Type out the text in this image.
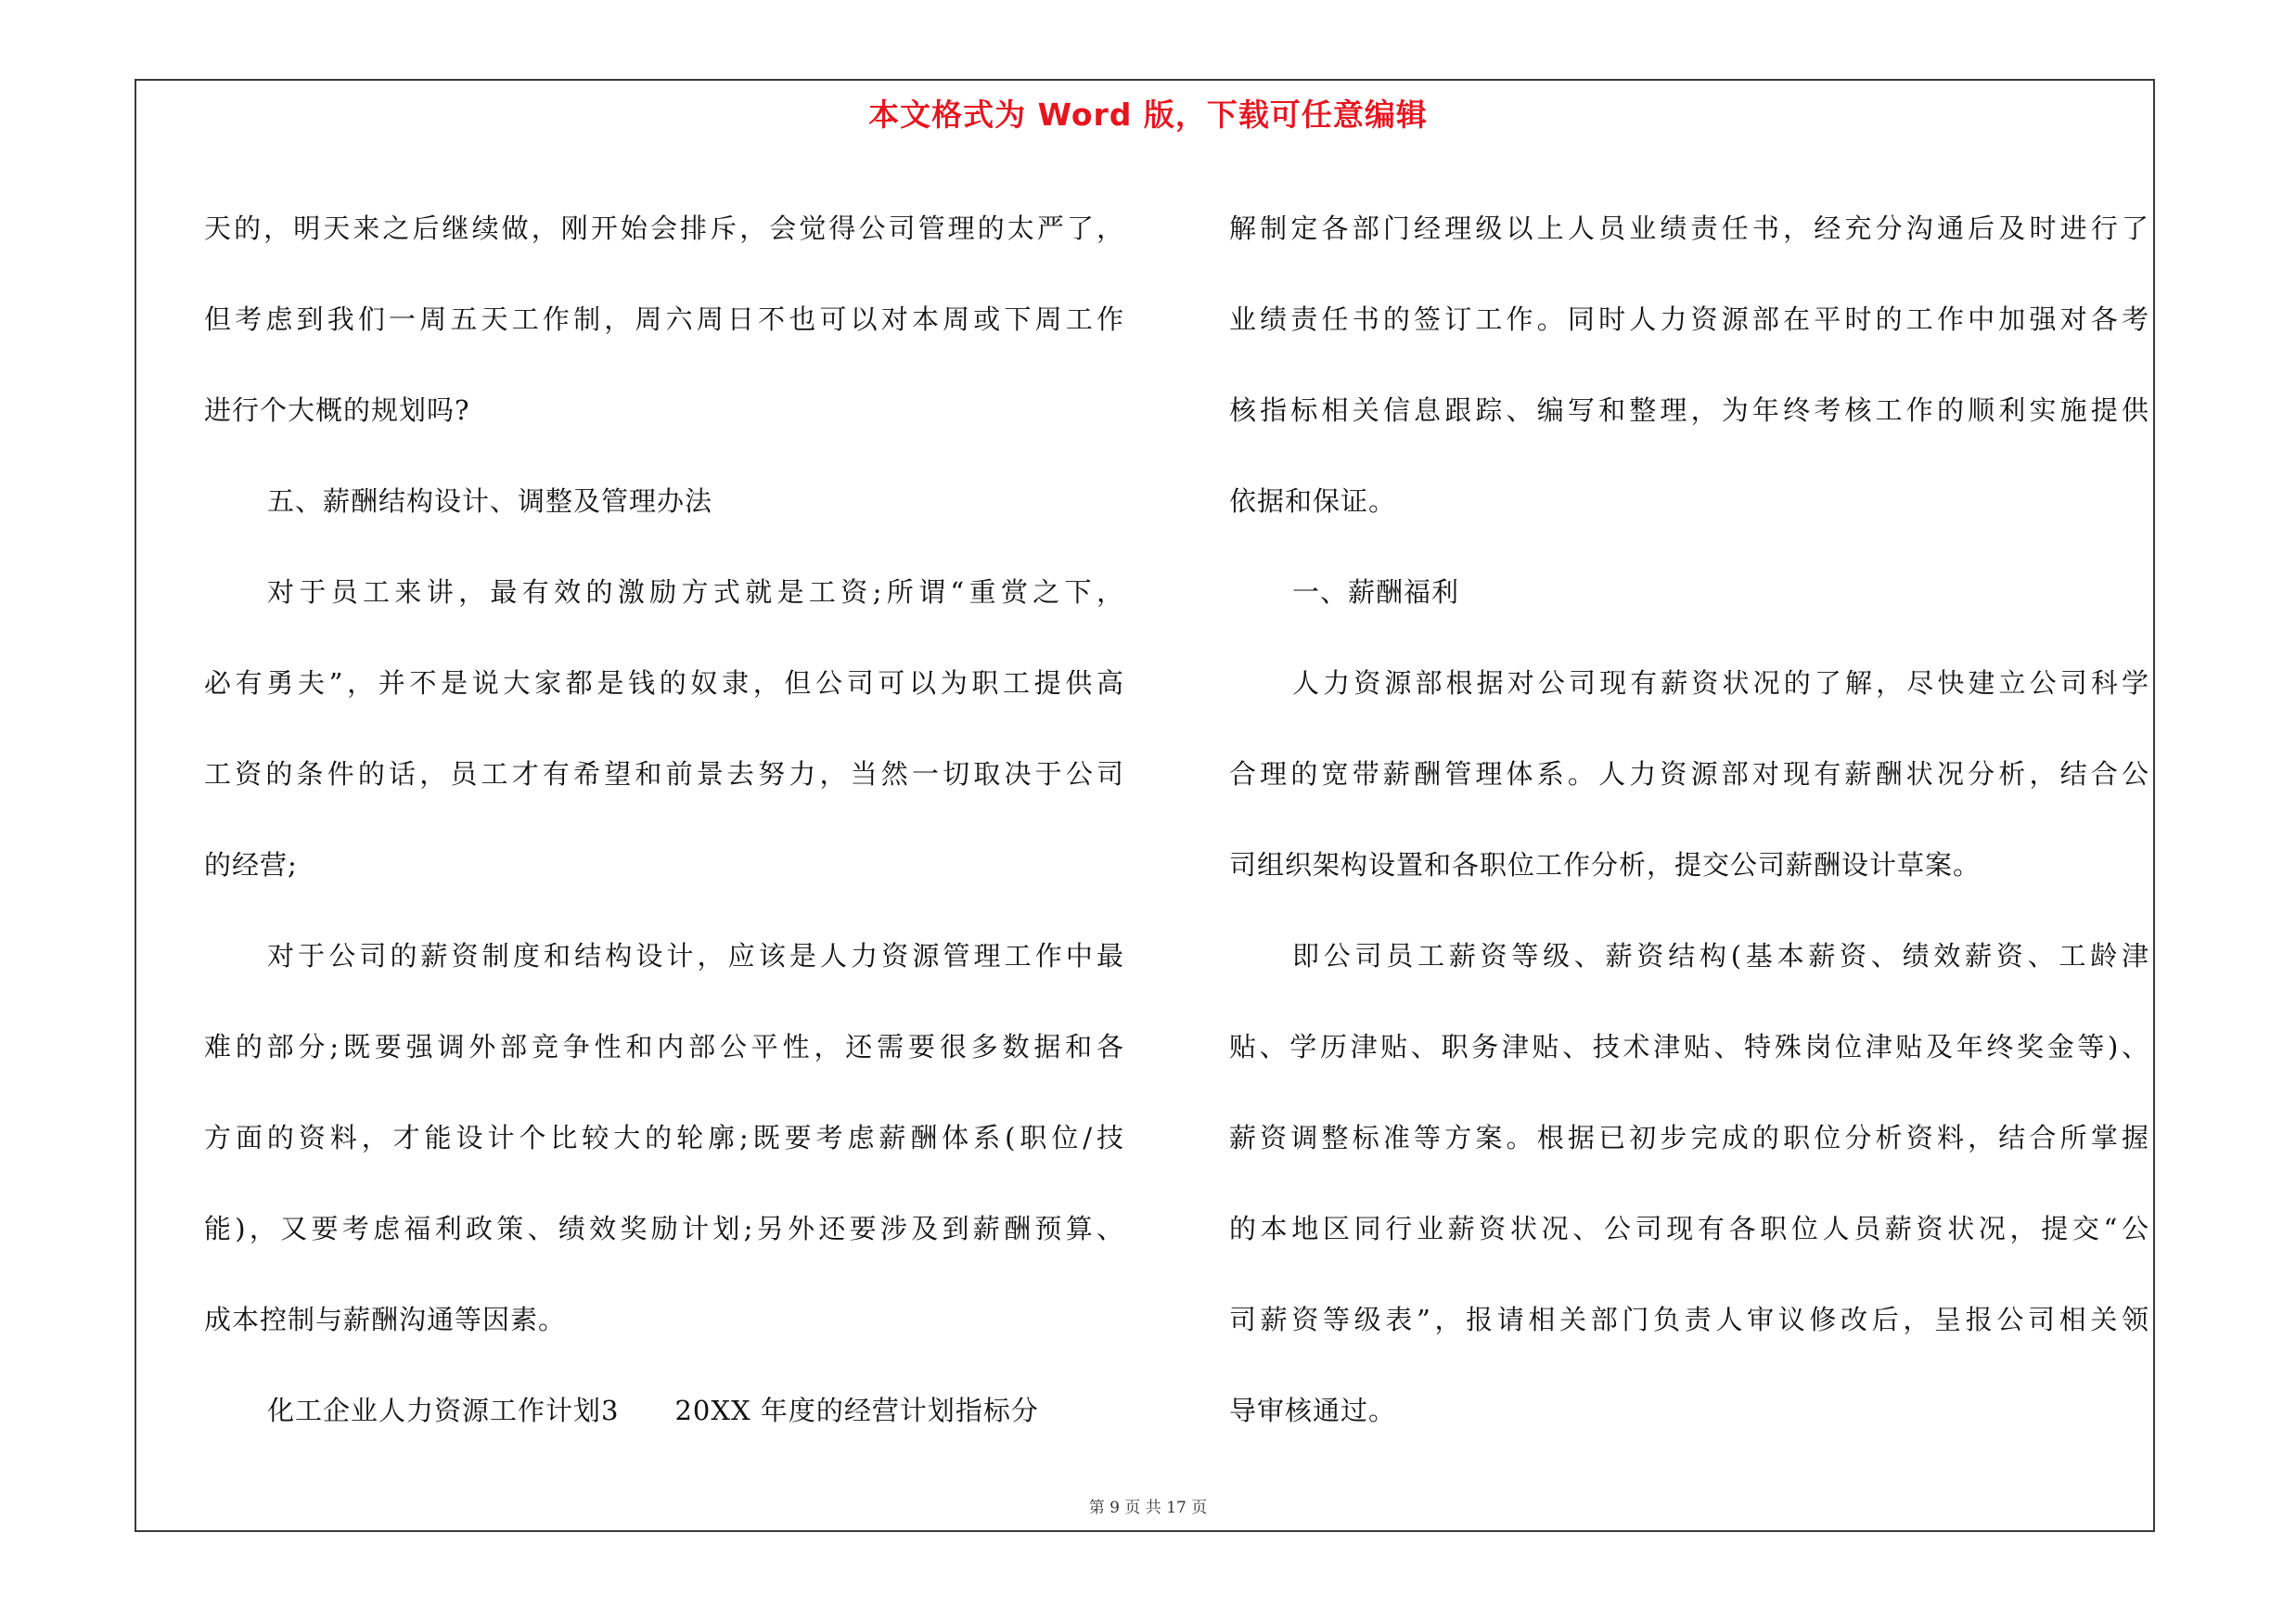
本文格式为 Word 版，下载可任意编辑
天的，明天来之后继续做，刚开始会排斥，会觉得公司管理的太严了，
但考虑到我们一周五天工作制，周六周日不也可以对本周或下周工作
进行个大概的规划吗?
五、薪酬结构设计、调整及管理办法
对于员工来讲，最有效的激励方式就是工资;所谓“重赏之下，
必有勇夫”，并不是说大家都是钱的奴隶，但公司可以为职工提供高
工资的条件的话，员工才有希望和前景去努力，当然一切取决于公司
的经营;
对于公司的薪资制度和结构设计，应该是人力资源管理工作中最
难的部分;既要强调外部竞争性和内部公平性，还需要很多数据和各
方面的资料，才能设计个比较大的轮廓;既要考虑薪酬体系(职位/技
能)，又要考虑福利政策、绩效奖励计划;另外还要涉及到薪酬预算、
成本控制与薪酬沟通等因素。
化工企业人力资源工作计划3　　20XX 年度的经营计划指标分
解制定各部门经理级以上人员业绩责任书，经充分沟通后及时进行了
业绩责任书的签订工作。同时人力资源部在平时的工作中加强对各考
核指标相关信息跟踪、编写和整理，为年终考核工作的顺利实施提供
依据和保证。
一、薪酬福利
人力资源部根据对公司现有薪资状况的了解，尽快建立公司科学
合理的宽带薪酬管理体系。人力资源部对现有薪酬状况分析，结合公
司组织架构设置和各职位工作分析，提交公司薪酬设计草案。
即公司员工薪资等级、薪资结构(基本薪资、绩效薪资、工龄津
贴、学历津贴、职务津贴、技术津贴、特殊岗位津贴及年终奖金等)、
薪资调整标准等方案。根据已初步完成的职位分析资料，结合所掌握
的本地区同行业薪资状况、公司现有各职位人员薪资状况，提交“公
司薪资等级表”，报请相关部门负责人审议修改后，呈报公司相关领
导审核通过。
第 9 页 共 17 页
